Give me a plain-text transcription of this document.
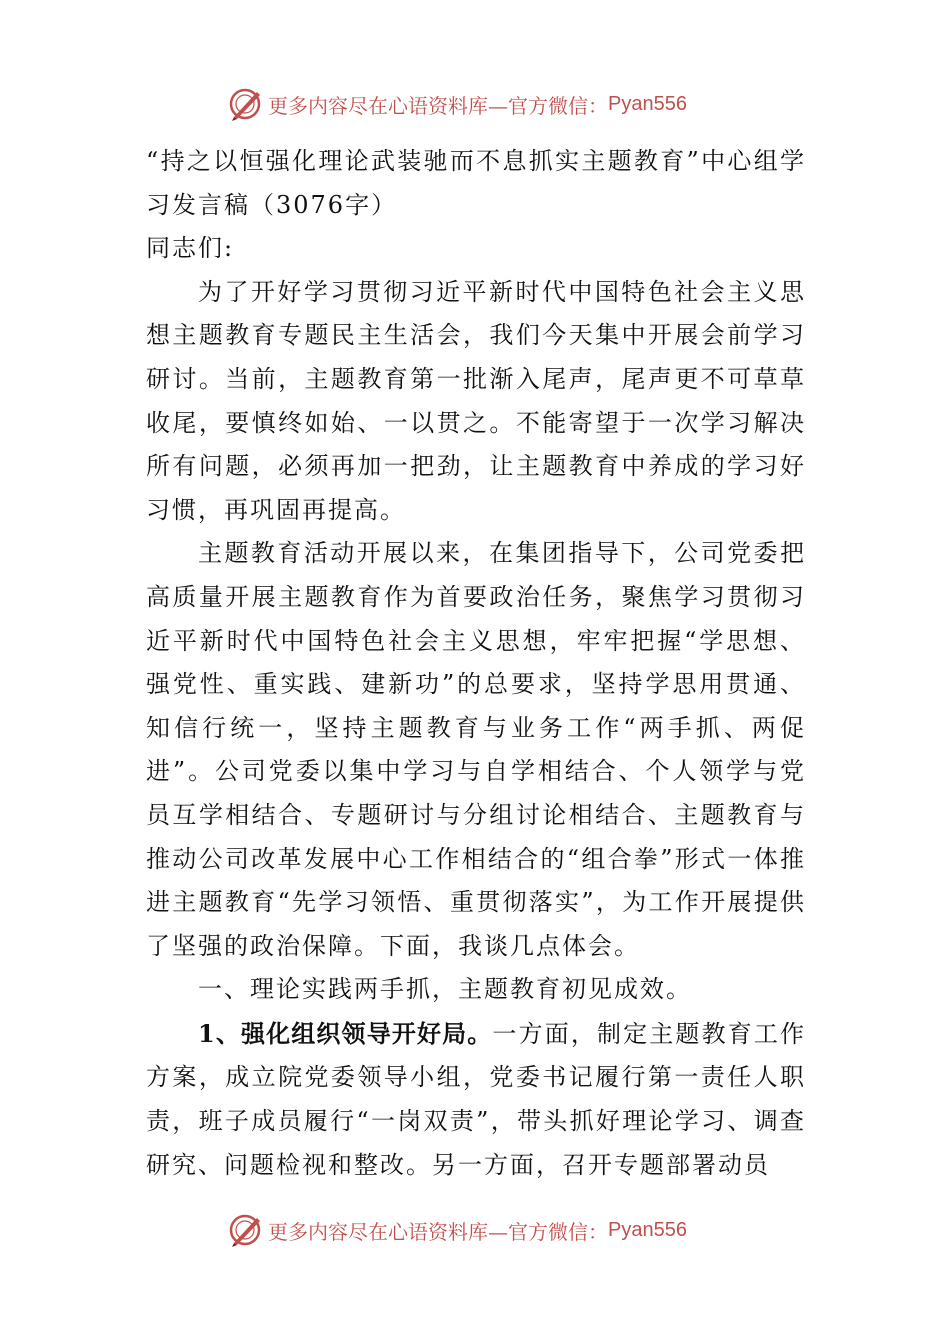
更多内容尽在心语资料库—官方微信： Pyan556

“持之以恒强化理论武装驰而不息抓实主题教育”中心组学习发言稿（3076字）

同志们:

为了开好学习贯彻习近平新时代中国特色社会主义思想主题教育专题民主生活会，我们今天集中开展会前学习研讨。当前，主题教育第一批渐入尾声，尾声更不可草草收尾，要慎终如始、一以贯之。不能寄望于一次学习解决所有问题，必须再加一把劲，让主题教育中养成的学习好习惯，再巩固再提高。

主题教育活动开展以来，在集团指导下，公司党委把高质量开展主题教育作为首要政治任务，聚焦学习贯彻习近平新时代中国特色社会主义思想，牢牢把握“学思想、强党性、重实践、建新功”的总要求，坚持学思用贯通、知信行统一，坚持主题教育与业务工作“两手抓、两促进”。公司党委以集中学习与自学相结合、个人领学与党员互学相结合、专题研讨与分组讨论相结合、主题教育与推动公司改革发展中心工作相结合的“组合拳”形式一体推进主题教育“先学习领悟、重贯彻落实”，为工作开展提供了坚强的政治保障。下面，我谈几点体会。

一、理论实践两手抓，主题教育初见成效。

1、强化组织领导开好局。一方面，制定主题教育工作方案，成立院党委领导小组，党委书记履行第一责任人职责，班子成员履行“一岗双责”，带头抓好理论学习、调查研究、问题检视和整改。另一方面，召开专题部署动员

更多内容尽在心语资料库—官方微信： Pyan556
